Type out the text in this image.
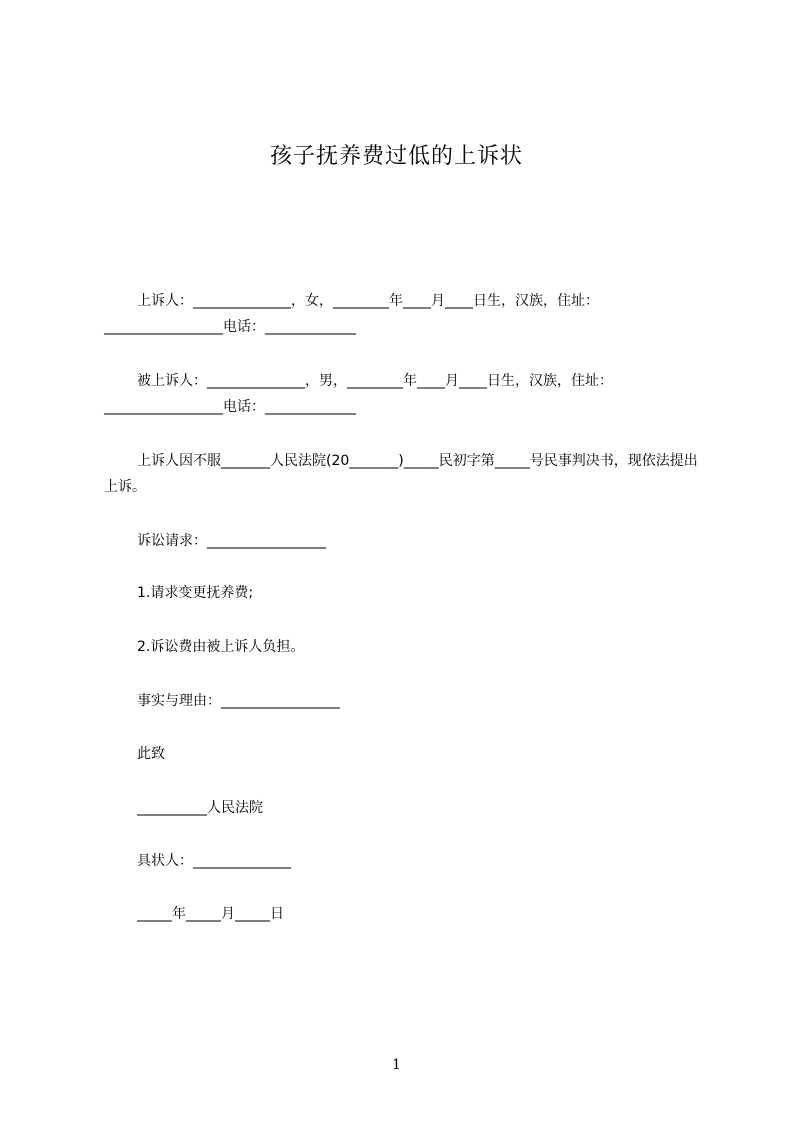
孩子抚养费过低的上诉状

上诉人：______________，女，________年____月____日生，汉族，住址：_________________电话：_____________

被上诉人：______________，男，________年____月____日生，汉族，住址：_________________电话：_____________

上诉人因不服_______人民法院(20_______)_____民初字第_____号民事判决书，现依法提出上诉。

诉讼请求：_________________

1.请求变更抚养费;

2.诉讼费由被上诉人负担。

事实与理由：_________________

此致

__________人民法院

具状人：______________

_____年_____月_____日

1
